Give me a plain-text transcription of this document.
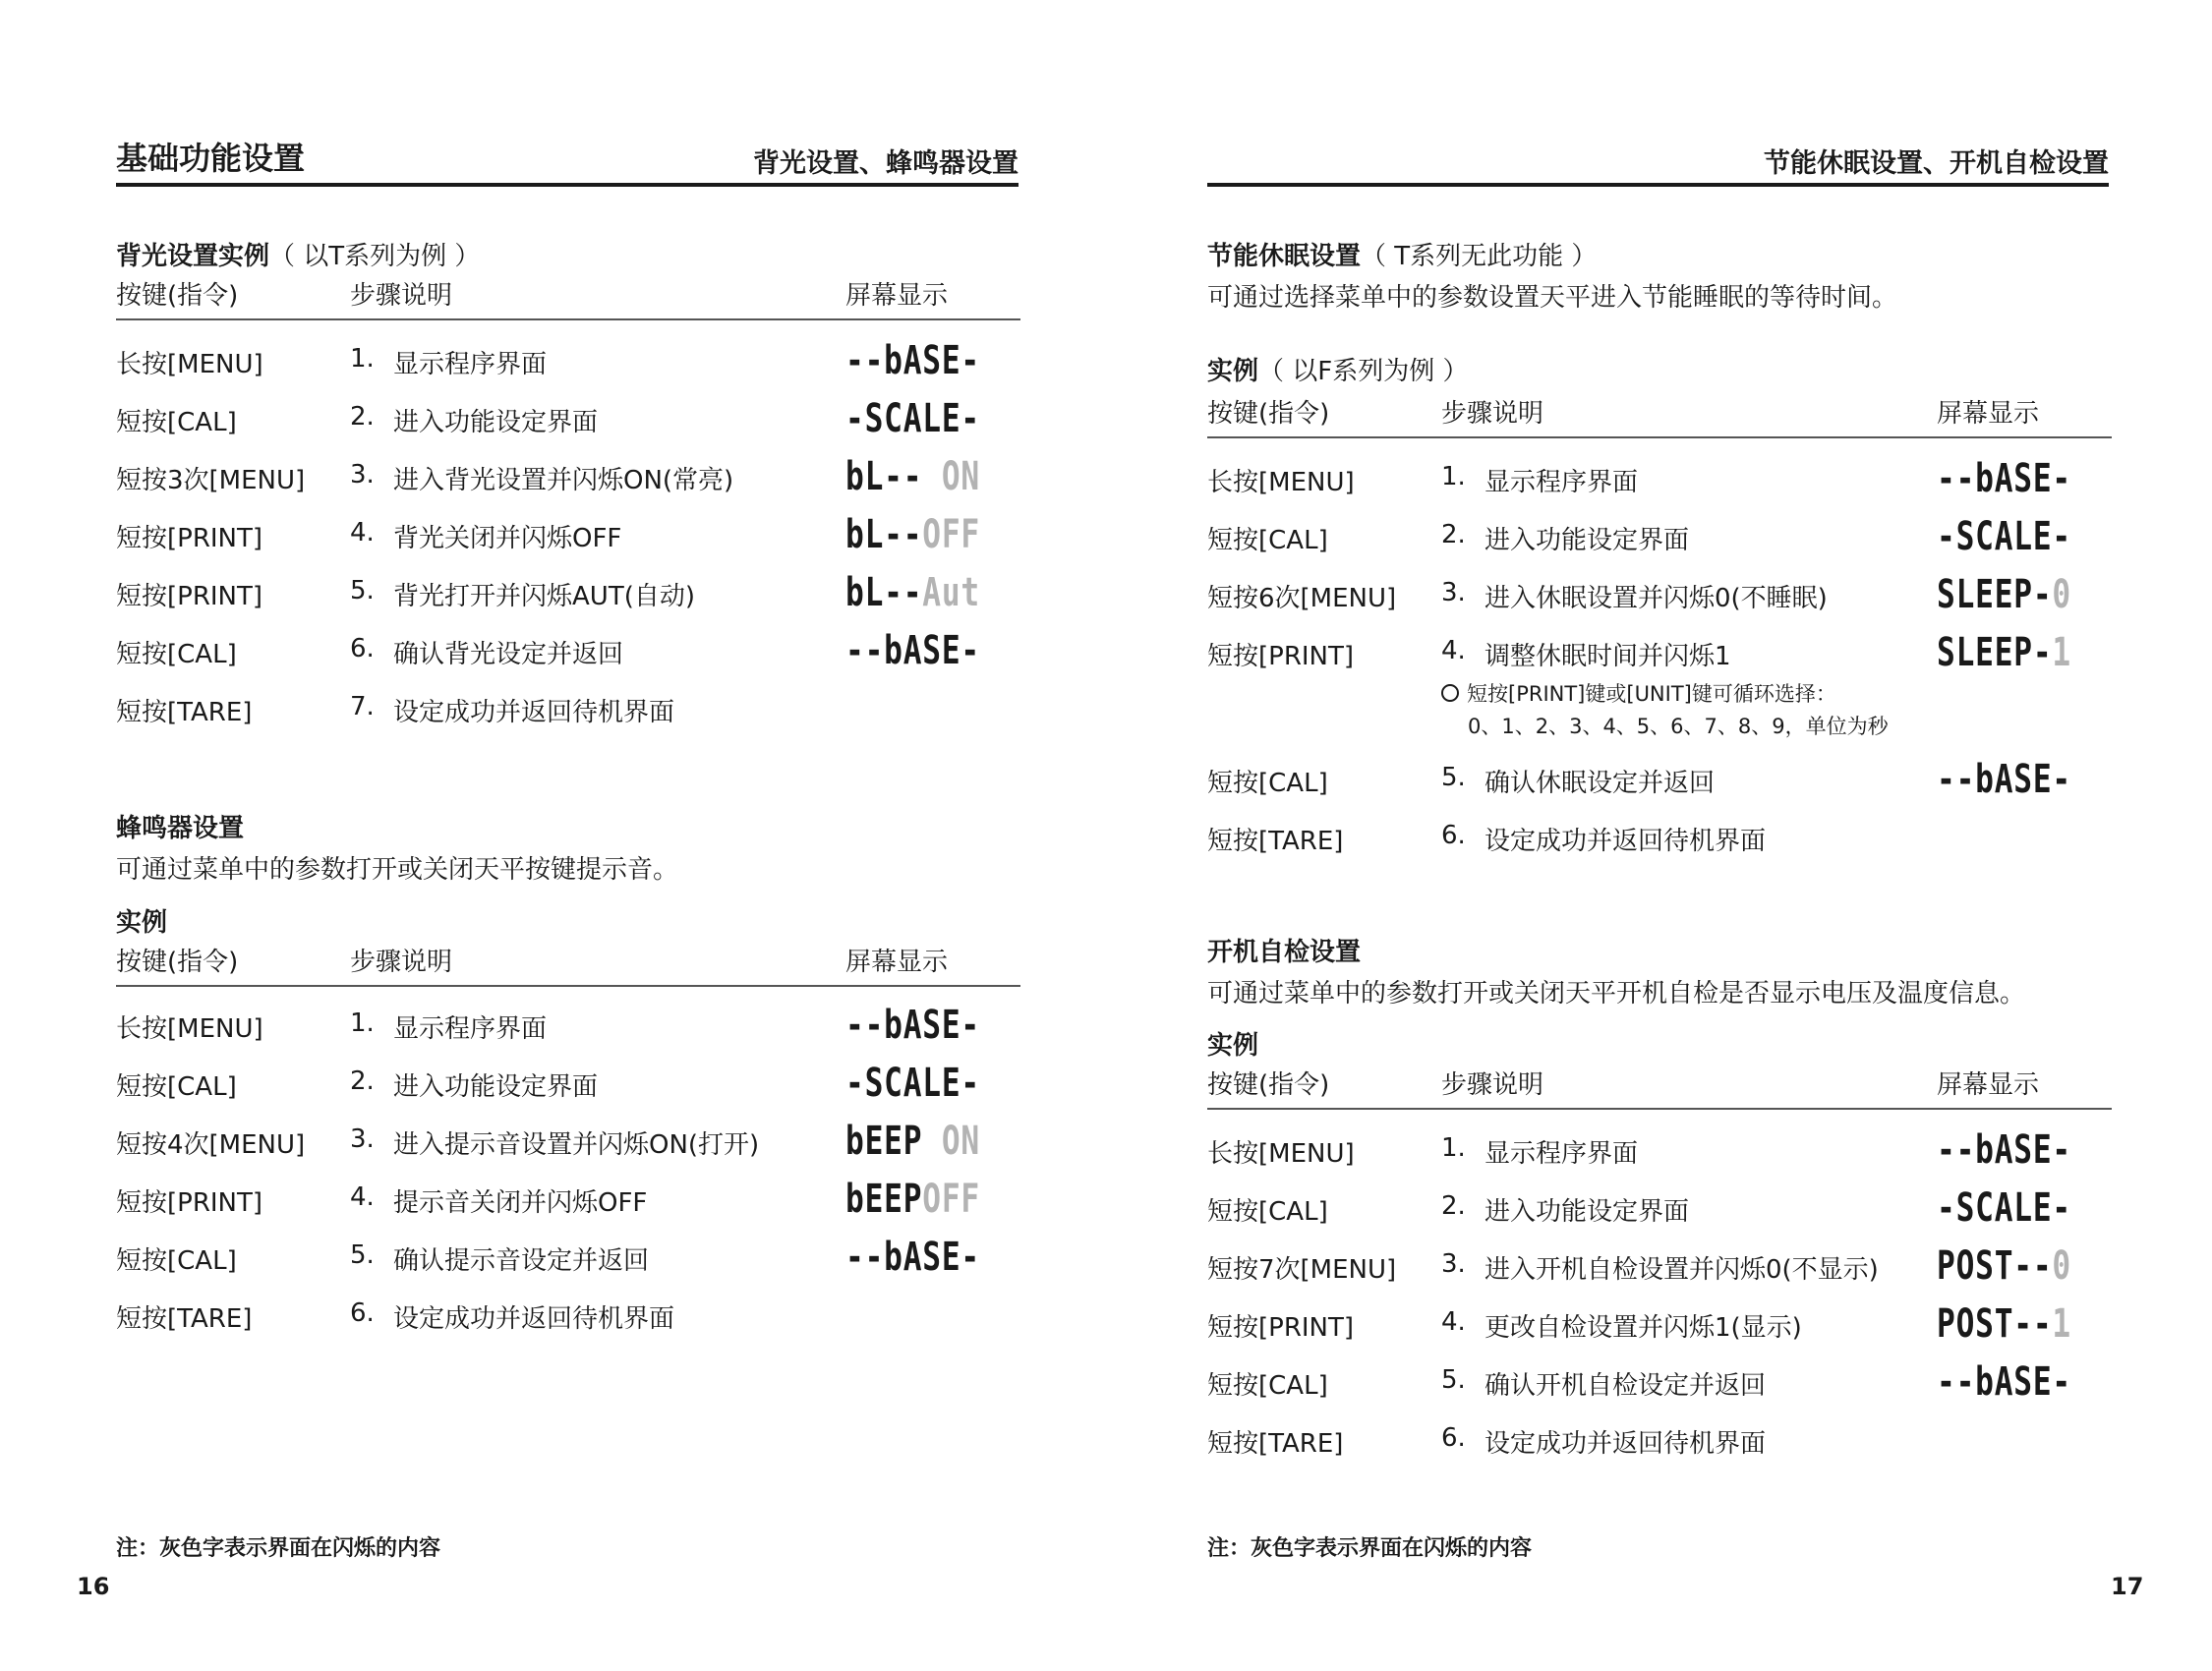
基础功能设置	背光设置、蜂鸣器设置
背光设置实例（ 以T系列为例 ）
按键(指令)	步骤说明	屏幕显示
长按[MENU]	1. 显示程序界面	--bASE-
短按[CAL]	2. 进入功能设定界面	-SCALE-
短按3次[MENU] 3. 进入背光设置并闪烁ON(常亮)	bL-- ON
短按[PRINT]	4. 背光关闭并闪烁OFF	bL--OFF
短按[PRINT]	5. 背光打开并闪烁AUT(自动)	bL--Aut
短按[CAL]	6. 确认背光设定并返回	--bASE-
短按[TARE]	7. 设定成功并返回待机界面
蜂鸣器设置
可通过菜单中的参数打开或关闭天平按键提示音。
实例
按键(指令)	步骤说明	屏幕显示
长按[MENU]	1. 显示程序界面	--bASE-
短按[CAL]	2. 进入功能设定界面	-SCALE-
短按4次[MENU] 3. 进入提示音设置并闪烁ON(打开) bEEP ON
短按[PRINT]	4. 提示音关闭并闪烁OFF	bEEPOFF
短按[CAL]	5. 确认提示音设定并返回	--bASE-
短按[TARE]	6. 设定成功并返回待机界面
注：灰色字表示界面在闪烁的内容
16
节能休眠设置、开机自检设置
节能休眠设置（ T系列无此功能 ）
可通过选择菜单中的参数设置天平进入节能睡眠的等待时间。
实例（ 以F系列为例 ）
按键(指令)	步骤说明	屏幕显示
长按[MENU]	1. 显示程序界面	--bASE-
短按[CAL]	2. 进入功能设定界面	-SCALE-
短按6次[MENU] 3. 进入休眠设置并闪烁0(不睡眠)	SLEEP-0
短按[PRINT]	4. 调整休眠时间并闪烁1	SLEEP-1
短按[PRINT]键或[UNIT]键可循环选择：
0、1、2、3、4、5、6、7、8、9，单位为秒
短按[CAL]	5. 确认休眠设定并返回	--bASE-
短按[TARE]	6. 设定成功并返回待机界面
开机自检设置
可通过菜单中的参数打开或关闭天平开机自检是否显示电压及温度信息。
实例
按键(指令)	步骤说明	屏幕显示
长按[MENU]	1. 显示程序界面	--bASE-
短按[CAL]	2. 进入功能设定界面	-SCALE-
短按7次[MENU] 3. 进入开机自检设置并闪烁0(不显示) POST--0
短按[PRINT]	4. 更改自检设置并闪烁1(显示)	POST--1
短按[CAL]	5. 确认开机自检设定并返回	--bASE-
短按[TARE]	6. 设定成功并返回待机界面
注：灰色字表示界面在闪烁的内容
17
